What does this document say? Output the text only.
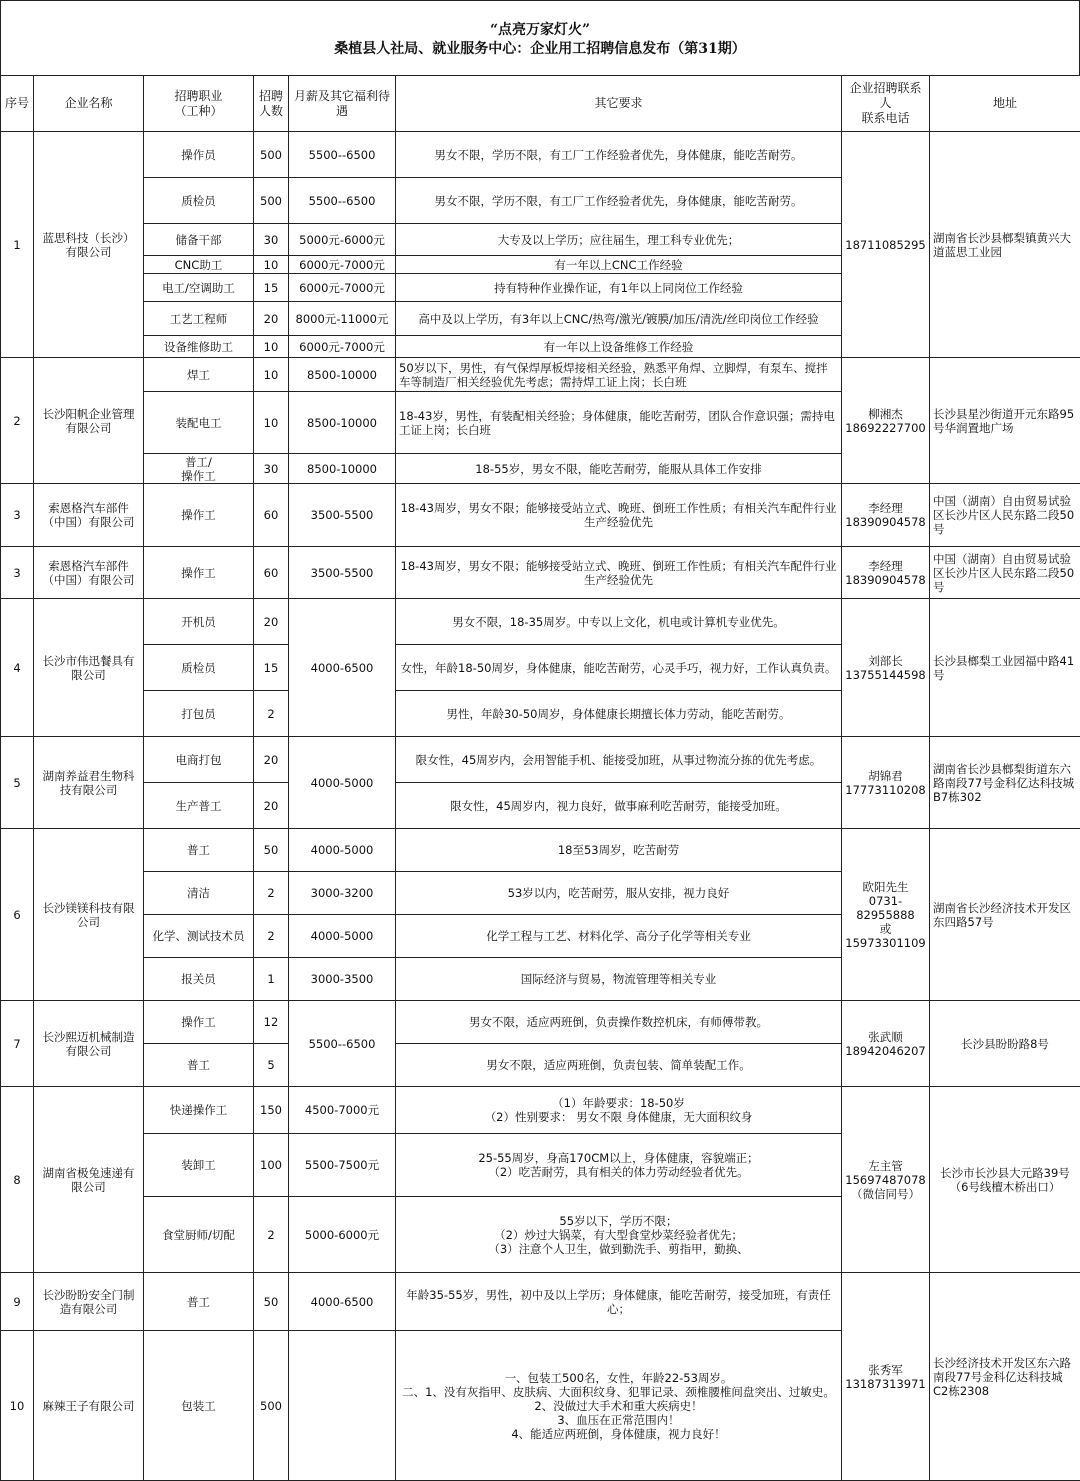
“点亮万家灯火”
桑植县人社局、就业服务中心：企业用工招聘信息发布（第31期）
序号	企业名称	招聘职业
（工种）	招聘
人数	月薪及其它福利待
遇	其它要求	企业招聘联系
人
联系电话	地址
1	蓝思科技（长沙）
有限公司	操作员	500	5500--6500	男女不限，学历不限，有工厂工作经验者优先，身体健康，能吃苦耐劳。	18711085295	湖南省长沙县榔梨镇黄兴大道蓝思工业园
		质检员	500	5500--6500	男女不限，学历不限，有工厂工作经验者优先，身体健康，能吃苦耐劳。		
		储备干部	30	5000元-6000元	大专及以上学历；应往届生，理工科专业优先；		
		CNC助工	10	6000元-7000元	有一年以上CNC工作经验		
		电工/空调助工	15	6000元-7000元	持有特种作业操作证，有1年以上同岗位工作经验		
		工艺工程师	20	8000元-11000元	高中及以上学历，有3年以上CNC/热弯/激光/镀膜/加压/清洗/丝印岗位工作经验		
		设备维修助工	10	6000元-7000元	有一年以上设备维修工作经验		
2	长沙阳帆企业管理
有限公司	焊工	10	8500-10000	50岁以下，男性，有气保焊厚板焊接相关经验，熟悉平角焊、立脚焊，有泵车、搅拌车等制造厂相关经验优先考虑；需持焊工证上岗；长白班	柳湘杰
18692227700	长沙县星沙街道开元东路95号华润置地广场
		装配电工	10	8500-10000	18-43岁，男性，有装配相关经验；身体健康，能吃苦耐劳，团队合作意识强；需持电工证上岗；长白班		
		普工/
操作工	30	8500-10000	18-55岁，男女不限，能吃苦耐劳，能服从具体工作安排		
3	索恩格汽车部件
（中国）有限公司	操作工	60	3500-5500	18-43周岁，男女不限；能够接受站立式、晚班、倒班工作性质；有相关汽车配件行业生产经验优先	李经理
18390904578	中国（湖南）自由贸易试验区长沙片区人民东路二段50号
3	索恩格汽车部件
（中国）有限公司	操作工	60	3500-5500	18-43周岁，男女不限；能够接受站立式、晚班、倒班工作性质；有相关汽车配件行业生产经验优先	李经理
18390904578	中国（湖南）自由贸易试验区长沙片区人民东路二段50号
4	长沙市伟迅餐具有
限公司	开机员	20	4000-6500	男女不限，18-35周岁。中专以上文化，机电或计算机专业优先。	刘部长
13755144598	长沙县榔梨工业园福中路41号
		质检员	15		女性，年龄18-50周岁，身体健康，能吃苦耐劳，心灵手巧，视力好，工作认真负责。		
		打包员	2		男性，年龄30-50周岁，身体健康长期擅长体力劳动，能吃苦耐劳。		
5	湖南养益君生物科
技有限公司	电商打包	20	4000-5000	限女性，45周岁内，会用智能手机、能接受加班，从事过物流分拣的优先考虑。	胡锦君
17773110208	湖南省长沙县榔梨街道东六路南段77号金科亿达科技城B7栋302
		生产普工	20		限女性，45周岁内，视力良好，做事麻利吃苦耐劳，能接受加班。		
6	长沙镁镁科技有限
公司	普工	50	4000-5000	18至53周岁，吃苦耐劳	欧阳先生
0731-82955888
或15973301109	湖南省长沙经济技术开发区东四路57号
		清洁	2	3000-3200	53岁以内，吃苦耐劳，服从安排，视力良好		
		化学、测试技术员	2	4000-5000	化学工程与工艺、材料化学、高分子化学等相关专业		
		报关员	1	3000-3500	国际经济与贸易，物流管理等相关专业		
7	长沙熙迈机械制造
有限公司	操作工	12	5500--6500	男女不限，适应两班倒，负责操作数控机床，有师傅带教。	张武顺
18942046207	长沙县盼盼路8号
		普工	5		男女不限，适应两班倒，负责包装、简单装配工作。		
8	湖南省极兔速递有
限公司	快递操作工	150	4500-7000元	（1）年龄要求：18-50岁
（2）性别要求： 男女不限 身体健康，无大面积纹身	左主管
15697487078
（微信同号）	长沙市长沙县大元路39号（6号线檀木桥出口）
		装卸工	100	5500-7500元	25-55周岁，身高170CM以上，身体健康，容貌端正；
（2）吃苦耐劳，具有相关的体力劳动经验者优先。		
		食堂厨师/切配	2	5000-6000元	55岁以下，学历不限；
（2）炒过大锅菜，有大型食堂炒菜经验者优先；
（3）注意个人卫生，做到勤洗手、剪指甲，勤换、		
9	长沙盼盼安全门制
造有限公司	普工	50	4000-6500	年龄35-55岁，男性，初中及以上学历；身体健康，能吃苦耐劳，接受加班，有责任心；	张秀军
13187313971	长沙经济技术开发区东六路南段77号金科亿达科技城C2栋2308
10	麻辣王子有限公司	包装工	500		一、包装工500名，女性，年龄22-53周岁。
二、1、没有灰指甲、皮肤病、大面积纹身、犯罪记录、颈椎腰椎间盘突出、过敏史。
2、没做过大手术和重大疾病史！
3、血压在正常范围内！
4、能适应两班倒，身体健康，视力良好！		
